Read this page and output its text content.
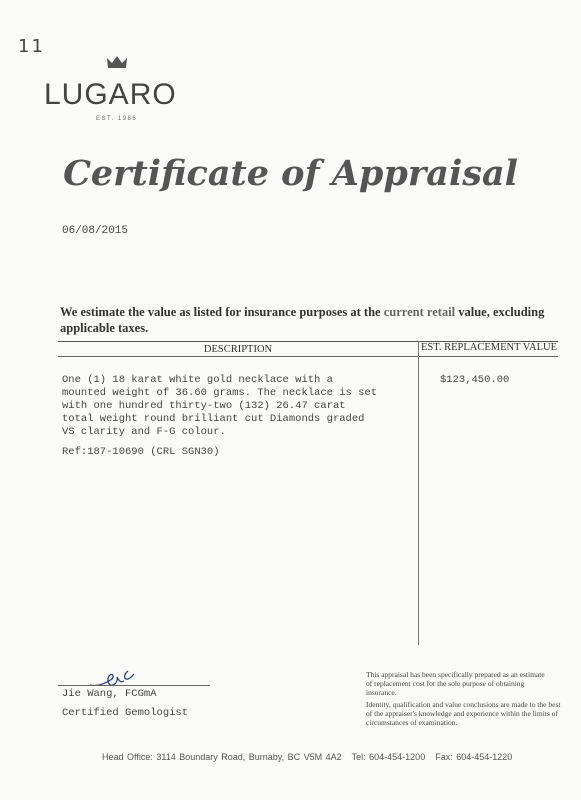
11
LUGARO
EST. 1986
Certificate of Appraisal
06/08/2015
We estimate the value as listed for insurance purposes at the current retail value, excluding applicable taxes.
DESCRIPTION	EST. REPLACEMENT VALUE
One (1) 18 karat white gold necklace with a
mounted weight of 36.60 grams. The necklace is set
with one hundred thirty-two (132) 26.47 carat
total weight round brilliant cut Diamonds graded
VS clarity and F-G colour.
Ref:187-10690 (CRL SGN30)
$123,450.00
Jie Wang, FCGmA
Certified Gemologist
This appraisal has been specifically prepared as an estimate of replacement cost for the sole purpose of obtaining insurance.
Identity, qualification and value conclusions are made to the best of the appraiser's knowledge and experience within the limits of circumstances of examination.
Head Office: 3114 Boundary Road, Burnaby, BC V5M 4A2 Tel: 604-454-1200 Fax: 604-454-1220
